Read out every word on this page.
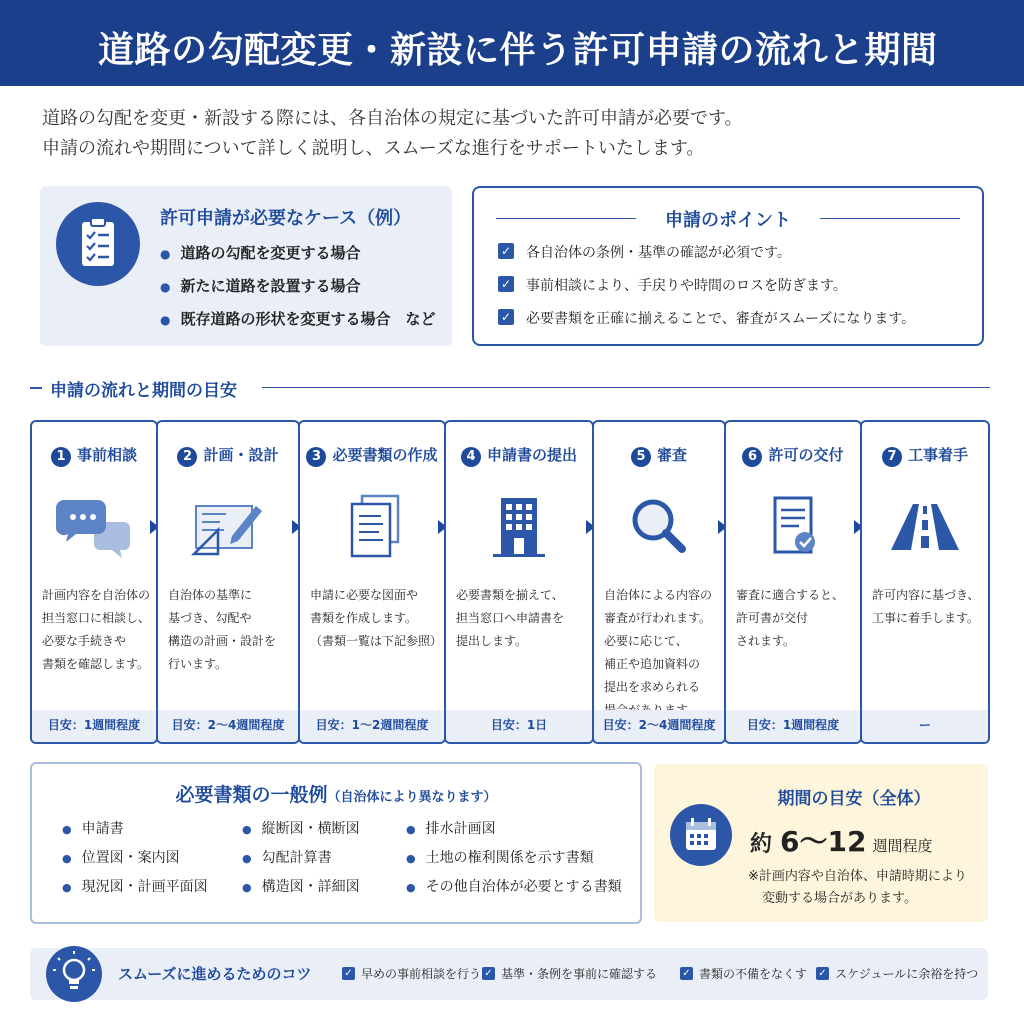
道路の勾配変更・新設に伴う許可申請の流れと期間
道路の勾配を変更・新設する際には、各自治体の規定に基づいた許可申請が必要です。
申請の流れや期間について詳しく説明し、スムーズな進行をサポートいたします。
許可申請が必要なケース（例）
● 道路の勾配を変更する場合
● 新たに道路を設置する場合
● 既存道路の形状を変更する場合　など
申請のポイント
✓ 各自治体の条例・基準の確認が必須です。
✓ 事前相談により、手戻りや時間のロスを防ぎます。
✓ 必要書類を正確に揃えることで、審査がスムーズになります。
申請の流れと期間の目安
1 事前相談
計画内容を自治体の
担当窓口に相談し、
必要な手続きや
書類を確認します。
目安：1週間程度
2 計画・設計
自治体の基準に
基づき、勾配や
構造の計画・設計を
行います。
目安：2〜4週間程度
3 必要書類の作成
申請に必要な図面や
書類を作成します。
（書類一覧は下記参照）
目安：1〜2週間程度
4 申請書の提出
必要書類を揃えて、
担当窓口へ申請書を
提出します。
目安：1日
5 審査
自治体による内容の
審査が行われます。
必要に応じて、
補正や追加資料の
提出を求められる
目安：2〜4週間程度
6 許可の交付
審査に適合すると、
許可書が交付
されます。
目安：1週間程度
7 工事着手
許可内容に基づき、
工事に着手します。
ー
必要書類の一般例（自治体により異なります）
● 申請書
● 位置図・案内図
● 現況図・計画平面図
● 縦断図・横断図
● 勾配計算書
● 構造図・詳細図
● 排水計画図
● 土地の権利関係を示す書類
● その他自治体が必要とする書類
期間の目安（全体）
約 6〜12 週間程度
※計画内容や自治体、申請時期により
変動する場合があります。
スムーズに進めるためのコツ	✓ 早めの事前相談を行う ✓ 基準・条例を事前に確認する	✓ 書類の不備をなくす ✓ スケジュールに余裕を持つ
